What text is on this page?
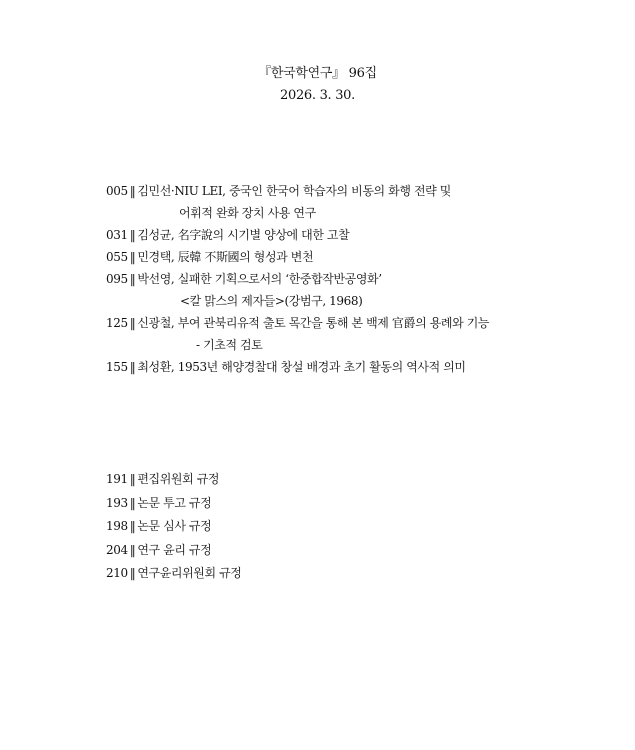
『한국학연구』 96집
2026. 3. 30.
005 ‖ 김민선·NIU LEI, 중국인 한국어 학습자의 비동의 화행 전략 및
어휘적 완화 장치 사용 연구
031 ‖ 김성균, 名字說의 시기별 양상에 대한 고찰
055 ‖ 민경택, 辰韓 不斯國의 형성과 변천
095 ‖ 박선영, 실패한 기획으로서의 ‘한중합작반공영화’
<칼 맑스의 제자들>(강범구, 1968)
125 ‖ 신광철, 부여 관북리유적 출토 목간을 통해 본 백제 官爵의 용례와 기능
- 기초적 검토
155 ‖ 최성환, 1953년 해양경찰대 창설 배경과 초기 활동의 역사적 의미
191 ‖ 편집위원회 규정
193 ‖ 논문 투고 규정
198 ‖ 논문 심사 규정
204 ‖ 연구 윤리 규정
210 ‖ 연구윤리위원회 규정
